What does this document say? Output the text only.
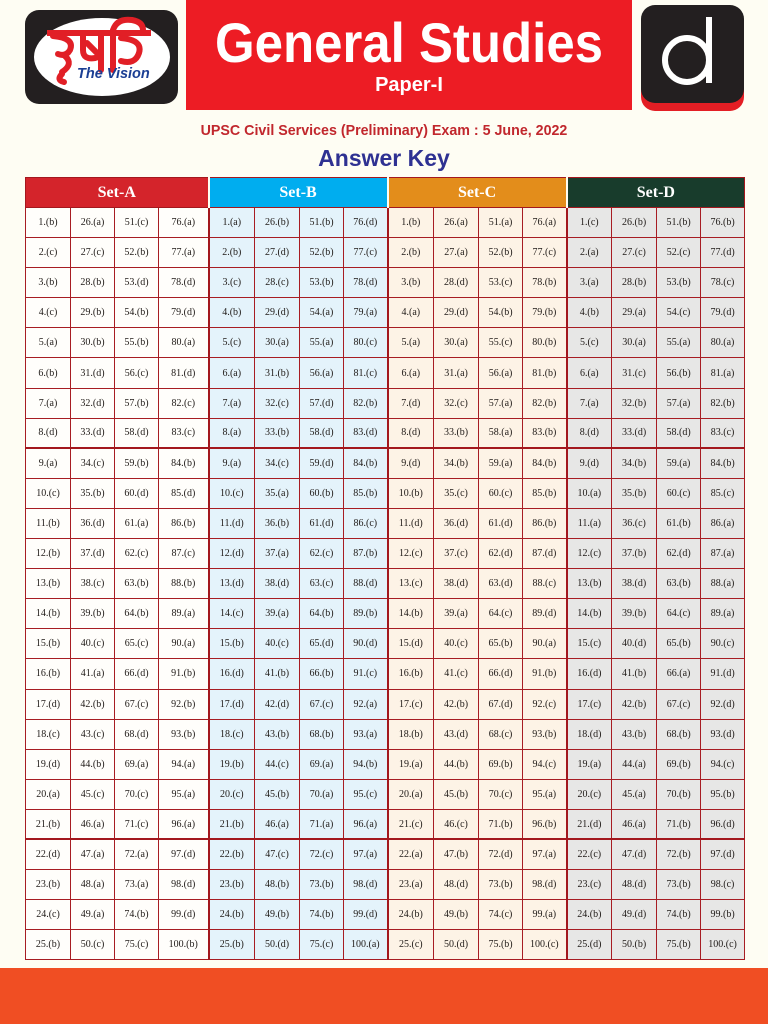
The Vision General Studies
Paper-I
UPSC Civil Services (Preliminary) Exam : 5 June, 2022
Answer Key
Set-A				Set-B				Set-C				Set-D			
1.(b)	26.(a)	51.(c)	76.(a)	1.(a)	26.(b)	51.(b)	76.(d)	1.(b)	26.(a)	51.(a)	76.(a)	1.(c)	26.(b)	51.(b)	76.(b)
2.(c)	27.(c)	52.(b)	77.(a)	2.(b)	27.(d)	52.(b)	77.(c)	2.(b)	27.(a)	52.(b)	77.(c)	2.(a)	27.(c)	52.(c)	77.(d)
3.(b)	28.(b)	53.(d)	78.(d)	3.(c)	28.(c)	53.(b)	78.(d)	3.(b)	28.(d)	53.(c)	78.(b)	3.(a)	28.(b)	53.(b)	78.(c)
4.(c)	29.(b)	54.(b)	79.(d)	4.(b)	29.(d)	54.(a)	79.(a)	4.(a)	29.(d)	54.(b)	79.(b)	4.(b)	29.(a)	54.(c)	79.(d)
5.(a)	30.(b)	55.(b)	80.(a)	5.(c)	30.(a)	55.(a)	80.(c)	5.(a)	30.(a)	55.(c)	80.(b)	5.(c)	30.(a)	55.(a)	80.(a)
6.(b)	31.(d)	56.(c)	81.(d)	6.(a)	31.(b)	56.(a)	81.(c)	6.(a)	31.(a)	56.(a)	81.(b)	6.(a)	31.(c)	56.(b)	81.(a)
7.(a)	32.(d)	57.(b)	82.(c)	7.(a)	32.(c)	57.(d)	82.(b)	7.(d)	32.(c)	57.(a)	82.(b)	7.(a)	32.(b)	57.(a)	82.(b)
8.(d)	33.(d)	58.(d)	83.(c)	8.(a)	33.(b)	58.(d)	83.(d)	8.(d)	33.(b)	58.(a)	83.(b)	8.(d)	33.(d)	58.(d)	83.(c)
9.(a)	34.(c)	59.(b)	84.(b)	9.(a)	34.(c)	59.(d)	84.(b)	9.(d)	34.(b)	59.(a)	84.(b)	9.(d)	34.(b)	59.(a)	84.(b)
10.(c)	35.(b)	60.(d)	85.(d)	10.(c)	35.(a)	60.(b)	85.(b)	10.(b)	35.(c)	60.(c)	85.(b)	10.(a)	35.(b)	60.(c)	85.(c)
11.(b)	36.(d)	61.(a)	86.(b)	11.(d)	36.(b)	61.(d)	86.(c)	11.(d)	36.(d)	61.(d)	86.(b)	11.(a)	36.(c)	61.(b)	86.(a)
12.(b)	37.(d)	62.(c)	87.(c)	12.(d)	37.(a)	62.(c)	87.(b)	12.(c)	37.(c)	62.(d)	87.(d)	12.(c)	37.(b)	62.(d)	87.(a)
13.(b)	38.(c)	63.(b)	88.(b)	13.(d)	38.(d)	63.(c)	88.(d)	13.(c)	38.(d)	63.(d)	88.(c)	13.(b)	38.(d)	63.(b)	88.(a)
14.(b)	39.(b)	64.(b)	89.(a)	14.(c)	39.(a)	64.(b)	89.(b)	14.(b)	39.(a)	64.(c)	89.(d)	14.(b)	39.(b)	64.(c)	89.(a)
15.(b)	40.(c)	65.(c)	90.(a)	15.(b)	40.(c)	65.(d)	90.(d)	15.(d)	40.(c)	65.(b)	90.(a)	15.(c)	40.(d)	65.(b)	90.(c)
16.(b)	41.(a)	66.(d)	91.(b)	16.(d)	41.(b)	66.(b)	91.(c)	16.(b)	41.(c)	66.(d)	91.(b)	16.(d)	41.(b)	66.(a)	91.(d)
17.(d)	42.(b)	67.(c)	92.(b)	17.(d)	42.(d)	67.(c)	92.(a)	17.(c)	42.(b)	67.(d)	92.(c)	17.(c)	42.(b)	67.(c)	92.(d)
18.(c)	43.(c)	68.(d)	93.(b)	18.(c)	43.(b)	68.(b)	93.(a)	18.(b)	43.(d)	68.(c)	93.(b)	18.(d)	43.(b)	68.(b)	93.(d)
19.(d)	44.(b)	69.(a)	94.(a)	19.(b)	44.(c)	69.(a)	94.(b)	19.(a)	44.(b)	69.(b)	94.(c)	19.(a)	44.(a)	69.(b)	94.(c)
20.(a)	45.(c)	70.(c)	95.(a)	20.(c)	45.(b)	70.(a)	95.(c)	20.(a)	45.(b)	70.(c)	95.(a)	20.(c)	45.(a)	70.(b)	95.(b)
21.(b)	46.(a)	71.(c)	96.(a)	21.(b)	46.(a)	71.(a)	96.(a)	21.(c)	46.(c)	71.(b)	96.(b)	21.(d)	46.(a)	71.(b)	96.(d)
22.(d)	47.(a)	72.(a)	97.(d)	22.(b)	47.(c)	72.(c)	97.(a)	22.(a)	47.(b)	72.(d)	97.(a)	22.(c)	47.(d)	72.(b)	97.(d)
23.(b)	48.(a)	73.(a)	98.(d)	23.(b)	48.(b)	73.(b)	98.(d)	23.(a)	48.(d)	73.(b)	98.(d)	23.(c)	48.(d)	73.(b)	98.(c)
24.(c)	49.(a)	74.(b)	99.(d)	24.(b)	49.(b)	74.(b)	99.(d)	24.(b)	49.(b)	74.(c)	99.(a)	24.(b)	49.(d)	74.(b)	99.(b)
25.(b)	50.(c)	75.(c)	100.(b)	25.(b)	50.(d)	75.(c)	100.(a)	25.(c)	50.(d)	75.(b)	100.(c)	25.(d)	50.(b)	75.(b)	100.(c)
